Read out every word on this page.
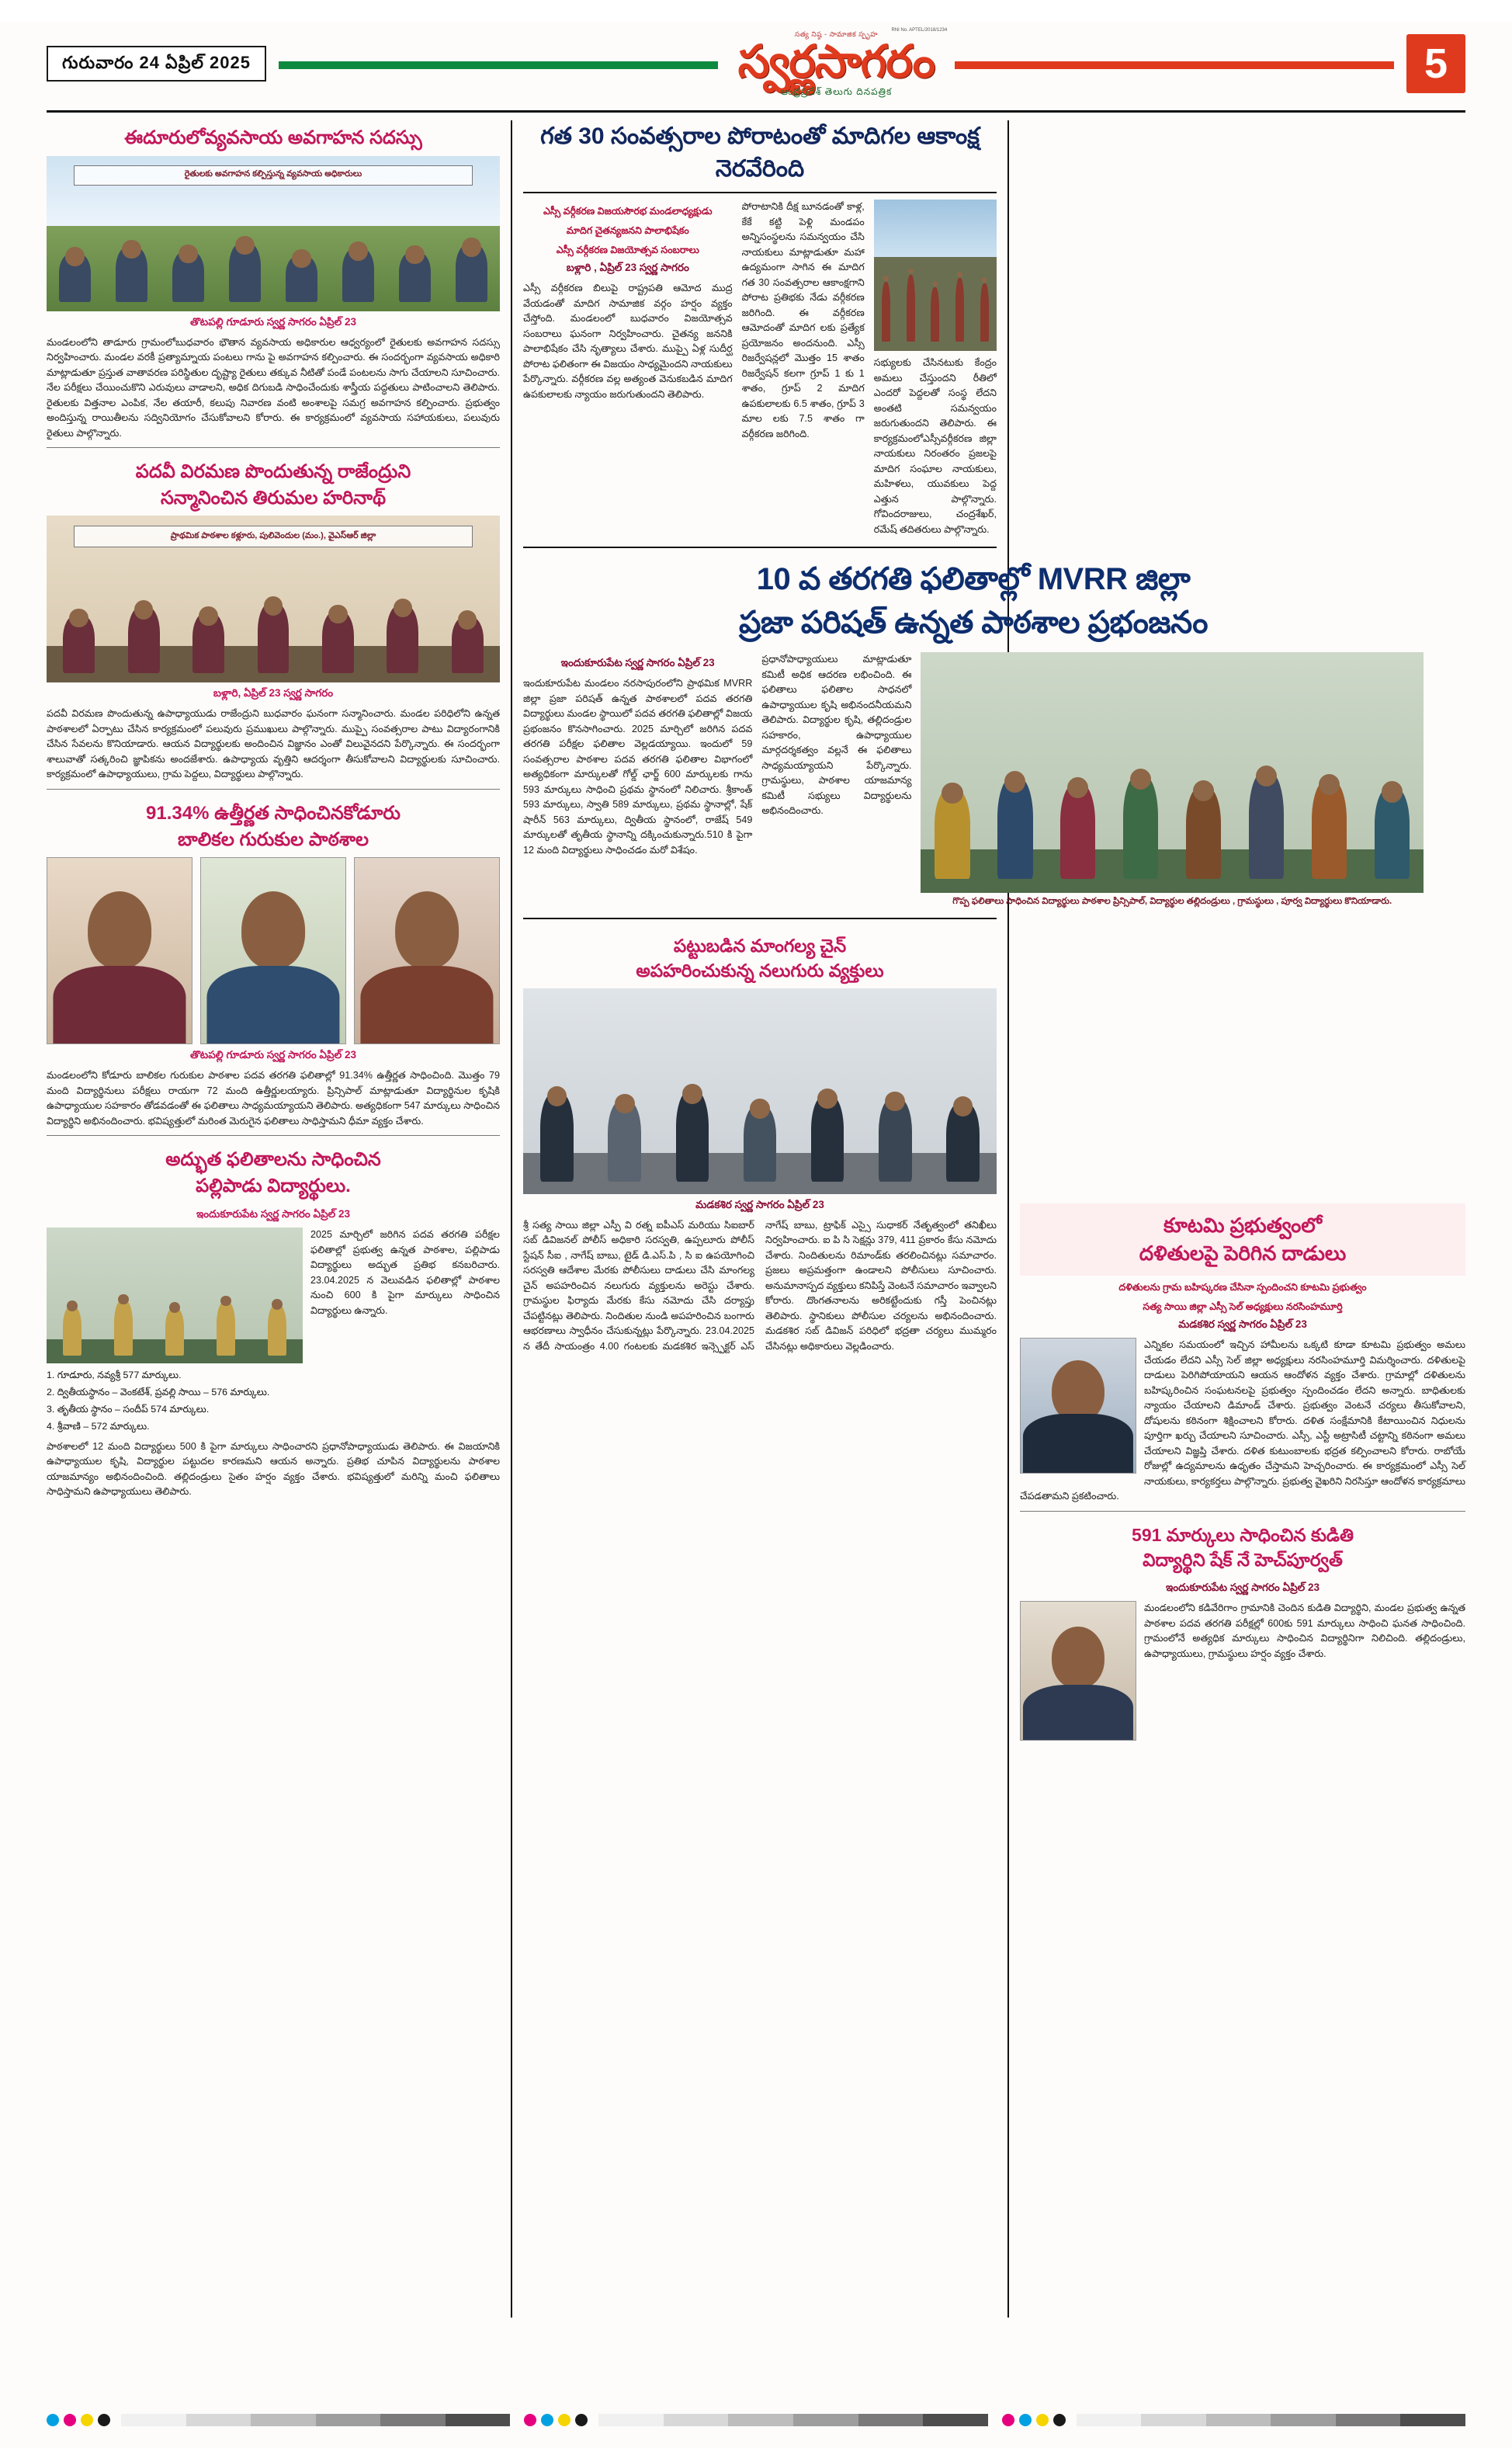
గురువారం 24 ఏప్రిల్ 2025
RNI No. APTEL/2018/1234
సత్య నిష్ఠ - సామాజిక స్పృహ
స్వర్ణసాగరం
ఆంధ్రప్రదేశ్ తెలుగు దినపత్రిక
5
ఈదూరులోవ్యవసాయ అవగాహన సదస్సు
రైతులకు అవగాహన కల్పిస్తున్న వ్యవసాయ అధికారులు
తొటపల్లి గూడూరు స్వర్ణ సాగరం ఏప్రిల్ 23
మండలంలోని తాడూరు గ్రామంలోబుధవారం భౌతాన వ్యవసాయ అధికారుల ఆధ్వర్యంలో రైతులకు అవగాహన సదస్సు నిర్వహించారు. మండల వరకీ ప్రత్యామ్నాయ పంటలు గాను పై అవగాహన కల్పించారు. ఈ సందర్భంగా వ్యవసాయ అధికారి మాట్లాడుతూ ప్రస్తుత వాతావరణ పరిస్థితుల దృష్ట్యా రైతులు తక్కువ నీటితో పండే పంటలను సాగు చేయాలని సూచించారు. నేల పరీక్షలు చేయించుకొని ఎరువులు వాడాలని, అధిక దిగుబడి సాధించేందుకు శాస్త్రీయ పద్ధతులు పాటించాలని తెలిపారు. రైతులకు విత్తనాల ఎంపిక, నేల తయారీ, కలుపు నివారణ వంటి అంశాలపై సమగ్ర అవగాహన కల్పించారు. ప్రభుత్వం అందిస్తున్న రాయితీలను సద్వినియోగం చేసుకోవాలని కోరారు. ఈ కార్యక్రమంలో వ్యవసాయ సహాయకులు, పలువురు రైతులు పాల్గొన్నారు.
పదవీ విరమణ పొందుతున్న రాజేంద్రుని
సన్మానించిన తిరుమల హరినాథ్
ప్రాథమిక పాఠశాల కళ్లూరు, పులివెందుల (మం.), వైఎస్ఆర్ జిల్లా
బళ్లారి, ఏప్రిల్ 23 స్వర్ణ సాగరం
పదవీ విరమణ పొందుతున్న ఉపాధ్యాయుడు రాజేంద్రుని బుధవారం ఘనంగా సన్మానించారు. మండల పరిధిలోని ఉన్నత పాఠశాలలో ఏర్పాటు చేసిన కార్యక్రమంలో పలువురు ప్రముఖులు పాల్గొన్నారు. ముప్పై సంవత్సరాల పాటు విద్యారంగానికి చేసిన సేవలను కొనియాడారు. ఆయన విద్యార్థులకు అందించిన విజ్ఞానం ఎంతో విలువైనదని పేర్కొన్నారు. ఈ సందర్భంగా శాలువాతో సత్కరించి జ్ఞాపికను అందజేశారు. ఉపాధ్యాయ వృత్తిని ఆదర్శంగా తీసుకోవాలని విద్యార్థులకు సూచించారు. కార్యక్రమంలో ఉపాధ్యాయులు, గ్రామ పెద్దలు, విద్యార్థులు పాల్గొన్నారు.
91.34% ఉత్తీర్ణత సాధించినకోడూరు
బాలికల గురుకుల పాఠశాల
తొటపల్లి గూడూరు స్వర్ణ సాగరం ఏప్రిల్ 23
మండలంలోని కోడూరు బాలికల గురుకుల పాఠశాల పదవ తరగతి ఫలితాల్లో 91.34% ఉత్తీర్ణత సాధించింది. మొత్తం 79 మంది విద్యార్థినులు పరీక్షలు రాయగా 72 మంది ఉత్తీర్ణులయ్యారు. ప్రిన్సిపాల్ మాట్లాడుతూ విద్యార్థినుల కృషికి ఉపాధ్యాయుల సహకారం తోడవడంతో ఈ ఫలితాలు సాధ్యమయ్యాయని తెలిపారు. అత్యధికంగా 547 మార్కులు సాధించిన విద్యార్థిని అభినందించారు. భవిష్యత్తులో మరింత మెరుగైన ఫలితాలు సాధిస్తామని ధీమా వ్యక్తం చేశారు.
అద్భుత ఫలితాలను సాధించిన
పల్లిపాడు విద్యార్థులు.
ఇందుకూరుపేట స్వర్ణ సాగరం ఏప్రిల్ 23
2025 మార్చిలో జరిగిన పదవ తరగతి పరీక్షల ఫలితాల్లో ప్రభుత్వ ఉన్నత పాఠశాల, పల్లిపాడు విద్యార్థులు అద్భుత ప్రతిభ కనబరిచారు. 23.04.2025 న వెలువడిన ఫలితాల్లో పాఠశాల నుంచి 600 కి పైగా మార్కులు సాధించిన విద్యార్థులు ఉన్నారు.
1. గూడూరు, నవ్యశ్రీ 577 మార్కులు.
2. ద్వితీయస్థానం – వెంకటేశ్, ప్రవల్లి సాయి – 576 మార్కులు.
3. తృతీయ స్థానం – సందీప్ 574 మార్కులు.
4. శ్రీవాణి – 572 మార్కులు.
పాఠశాలలో 12 మంది విద్యార్థులు 500 కి పైగా మార్కులు సాధించారని ప్రధానోపాధ్యాయుడు తెలిపారు. ఈ విజయానికి ఉపాధ్యాయుల కృషి, విద్యార్థుల పట్టుదల కారణమని ఆయన అన్నారు. ప్రతిభ చూపిన విద్యార్థులను పాఠశాల యాజమాన్యం అభినందించింది. తల్లిదండ్రులు సైతం హర్షం వ్యక్తం చేశారు. భవిష్యత్తులో మరిన్ని మంచి ఫలితాలు సాధిస్తామని ఉపాధ్యాయులు తెలిపారు.
గత 30 సంవత్సరాల పోరాటంతో మాదిగల ఆకాంక్ష నెరవేరింది
ఎస్సీ వర్గీకరణ విజయసౌరభ మండలాధ్యక్షుడు
మాదిగ చైతన్యజనని పాలాభిషేకం
ఎస్సీ వర్గీకరణ విజయోత్సవ సంబరాలు
బళ్లారి , ఏప్రిల్ 23 స్వర్ణ సాగరం
ఎస్సీ వర్గీకరణ బిలుపై రాష్ట్రపతి ఆమోద ముద్ర వేయడంతో మాదిగ సామాజిక వర్గం హర్షం వ్యక్తం చేస్తోంది. మండలంలో బుధవారం విజయోత్సవ సంబరాలు ఘనంగా నిర్వహించారు. చైతన్య జననికి పాలాభిషేకం చేసి నృత్యాలు చేశారు. ముప్పై ఏళ్ల సుదీర్ఘ పోరాట ఫలితంగా ఈ విజయం సాధ్యమైందని నాయకులు పేర్కొన్నారు. వర్గీకరణ వల్ల అత్యంత వెనుకబడిన మాదిగ ఉపకులాలకు న్యాయం జరుగుతుందని తెలిపారు.
పోరాటానికి దీక్ష బూనడంతో కాళ్ల, కేకే కట్టి పెళ్లి మండపం అన్నిసంస్థలను సమన్వయం చేసి నాయకులు మాట్లాడుతూ మహా ఉద్యమంగా సాగిన ఈ మాదిగ గత 30 సంవత్సరాల ఆకాంక్షగాని పోరాట ప్రతిభకు నేడు వర్గీకరణ జరిగింది. ఈ వర్గీకరణ ఆమోదంతో మాదిగ లకు ప్రత్యేక ప్రయోజనం అందనుంది. ఎస్సీ రిజర్వేషన్లలో మొత్తం 15 శాతం రిజర్వేషన్ కలగా గ్రూప్ 1 కు 1 శాతం, గ్రూప్ 2 మాదిగ ఉపకులాలకు 6.5 శాతం, గ్రూప్ 3 మాల లకు 7.5 శాతం గా వర్గీకరణ జరిగింది.
సభ్యులకు చేసినటుకు కేంద్రం అమలు చేస్తుందని రీతిలో ఎందరో పెద్దలతో సంస్థ లేదని అంతటి సమన్వయం జరుగుతుందని తెలిపారు. ఈ కార్యక్రమంలోఎస్సీవర్గీకరణ జిల్లా నాయకులు నిరంతరం ప్రజలపై మాదిగ సంఘాల నాయకులు, మహిళలు, యువకులు పెద్ద ఎత్తున పాల్గొన్నారు. గోవిందరాజులు, చంద్రశేఖర్, రమేష్ తదితరులు పాల్గొన్నారు.
10 వ తరగతి ఫలితాల్లో MVRR జిల్లా
ప్రజా పరిషత్ ఉన్నత పాఠశాల ప్రభంజనం
ఇందుకూరుపేట స్వర్ణ సాగరం ఏప్రిల్ 23
ఇందుకూరుపేట మండలం నరసాపురంలోని ప్రాథమిక MVRR జిల్లా ప్రజా పరిషత్ ఉన్నత పాఠశాలలో పదవ తరగతి విద్యార్థులు మండల స్థాయిలో పదవ తరగతి ఫలితాల్లో విజయ ప్రభంజనం కొనసాగించారు. 2025 మార్చిలో జరిగిన పదవ తరగతి పరీక్షల ఫలితాల వెల్లడయ్యాయి. ఇందులో 59 సంవత్సరాల పాఠశాల పదవ తరగతి ఫలితాల విభాగంలో అత్యధికంగా మార్కులతో గోల్డ్ ఛార్జ్ 600 మార్కులకు గాను 593 మార్కులు సాధించి ప్రథమ స్థానంలో నిలిచారు. శ్రీకాంత్ 593 మార్కులు, స్వాతి 589 మార్కులు, ప్రథమ స్థానాల్లో, షేక్ షారీన్ 563 మార్కులు, ద్వితీయ స్థానంలో, రాజేష్ 549 మార్కులతో తృతీయ స్థానాన్ని దక్కించుకున్నారు.510 కి పైగా 12 మంది విద్యార్థులు సాధించడం మరో విశేషం.
ప్రధానోపాధ్యాయులు మాట్లాడుతూ కమిటీ అధిక ఆదరణ లభించింది. ఈ ఫలితాలు ఫలితాల సాధనలో ఉపాధ్యాయుల కృషి అభినందనీయమని తెలిపారు. విద్యార్థుల కృషి, తల్లిదండ్రుల సహకారం, ఉపాధ్యాయుల మార్గదర్శకత్వం వల్లనే ఈ ఫలితాలు సాధ్యమయ్యాయని పేర్కొన్నారు. గ్రామస్థులు, పాఠశాల యాజమాన్య కమిటీ సభ్యులు విద్యార్థులను అభినందించారు.
గొప్ప ఫలితాలు సాధించిన విద్యార్థులు పాఠశాల ప్రిన్సిపాల్, విద్యార్థుల తల్లిదండ్రులు , గ్రామస్థులు , పూర్వ విద్యార్థులు కొనియాడారు.
పట్టుబడిన మాంగల్య చైన్
అపహరించుకున్న నలుగురు వ్యక్తులు
మడకశిర స్వర్ణ సాగరం ఏప్రిల్ 23
శ్రీ సత్య సాయి జిల్లా ఎస్పీ వి రత్న ఐపీఎస్ మరియు సిఐబార్ సబ్ డివిజనల్ పోలీస్ అధికారి సరస్వతి, ఉప్పలూరు పోలీస్ స్టేషన్ సీఐ , నాగేష్ బాబు, టైడ్ డి.ఎస్.పి , సి ఐ ఉపయోగించి సరస్వతి ఆదేశాల మేరకు పోలీసులు దాడులు చేసి మాంగల్య చైన్ అపహరించిన నలుగురు వ్యక్తులను అరెస్టు చేశారు. గ్రామస్థుల ఫిర్యాదు మేరకు కేసు నమోదు చేసి దర్యాప్తు చేపట్టినట్లు తెలిపారు. నిందితుల నుండి అపహరించిన బంగారు ఆభరణాలు స్వాధీనం చేసుకున్నట్లు పేర్కొన్నారు. 23.04.2025 న తేదీ సాయంత్రం 4.00 గంటలకు మడకశిర ఇన్స్పెక్టర్ ఎస్ నాగేష్ బాబు, ట్రాఫిక్ ఎస్సై సుధాకర్ నేతృత్వంలో తనిఖీలు నిర్వహించారు. ఐ పి సి సెక్షన్లు 379, 411 ప్రకారం కేసు నమోదు చేశారు. నిందితులను రిమాండ్‌కు తరలించినట్లు సమాచారం. ప్రజలు అప్రమత్తంగా ఉండాలని పోలీసులు సూచించారు. అనుమానాస్పద వ్యక్తులు కనిపిస్తే వెంటనే సమాచారం ఇవ్వాలని కోరారు. దొంగతనాలను అరికట్టేందుకు గస్తీ పెంచినట్లు తెలిపారు. స్థానికులు పోలీసుల చర్యలను అభినందించారు. మడకశిర సబ్ డివిజన్ పరిధిలో భద్రతా చర్యలు ముమ్మరం చేసినట్లు అధికారులు వెల్లడించారు.
కూటమి ప్రభుత్వంలో
దళితులపై పెరిగిన దాడులు
దళితులను గ్రామ బహిష్కరణ చేసినా స్పందించని కూటమి ప్రభుత్వం
సత్య సాయి జిల్లా ఎస్సీ సెల్ అధ్యక్షులు నరసింహమూర్తి
మడకశిర స్వర్ణ సాగరం ఏప్రిల్ 23
ఎన్నికల సమయంలో ఇచ్చిన హామీలను ఒక్కటి కూడా కూటమి ప్రభుత్వం అమలు చేయడం లేదని ఎస్సీ సెల్ జిల్లా అధ్యక్షులు నరసింహమూర్తి విమర్శించారు. దళితులపై దాడులు పెరిగిపోయాయని ఆయన ఆందోళన వ్యక్తం చేశారు. గ్రామాల్లో దళితులను బహిష్కరించిన సంఘటనలపై ప్రభుత్వం స్పందించడం లేదని అన్నారు. బాధితులకు న్యాయం చేయాలని డిమాండ్ చేశారు. ప్రభుత్వం వెంటనే చర్యలు తీసుకోవాలని, దోషులను కఠినంగా శిక్షించాలని కోరారు. దళిత సంక్షేమానికి కేటాయించిన నిధులను పూర్తిగా ఖర్చు చేయాలని సూచించారు. ఎస్సీ, ఎస్టీ అట్రాసిటీ చట్టాన్ని కఠినంగా అమలు చేయాలని విజ్ఞప్తి చేశారు. దళిత కుటుంబాలకు భద్రత కల్పించాలని కోరారు. రాబోయే రోజుల్లో ఉద్యమాలను ఉధృతం చేస్తామని హెచ్చరించారు. ఈ కార్యక్రమంలో ఎస్సీ సెల్ నాయకులు, కార్యకర్తలు పాల్గొన్నారు. ప్రభుత్వ వైఖరిని నిరసిస్తూ ఆందోళన కార్యక్రమాలు చేపడతామని ప్రకటించారు.
591 మార్కులు సాధించిన కుడితి
విద్యార్థిని షేక్ నే హెచ్‌పూర్వత్
ఇందుకూరుపేట స్వర్ణ సాగరం ఏప్రిల్ 23
మండలంలోని కడివేరిగాం గ్రామానికి చెందిన కుడితి విద్యార్థిని, మండల ప్రభుత్వ ఉన్నత పాఠశాల పదవ తరగతి పరీక్షల్లో 600కు 591 మార్కులు సాధించి ఘనత సాధించింది. గ్రామంలోనే అత్యధిక మార్కులు సాధించిన విద్యార్థినిగా నిలిచింది. తల్లిదండ్రులు, ఉపాధ్యాయులు, గ్రామస్థులు హర్షం వ్యక్తం చేశారు.
